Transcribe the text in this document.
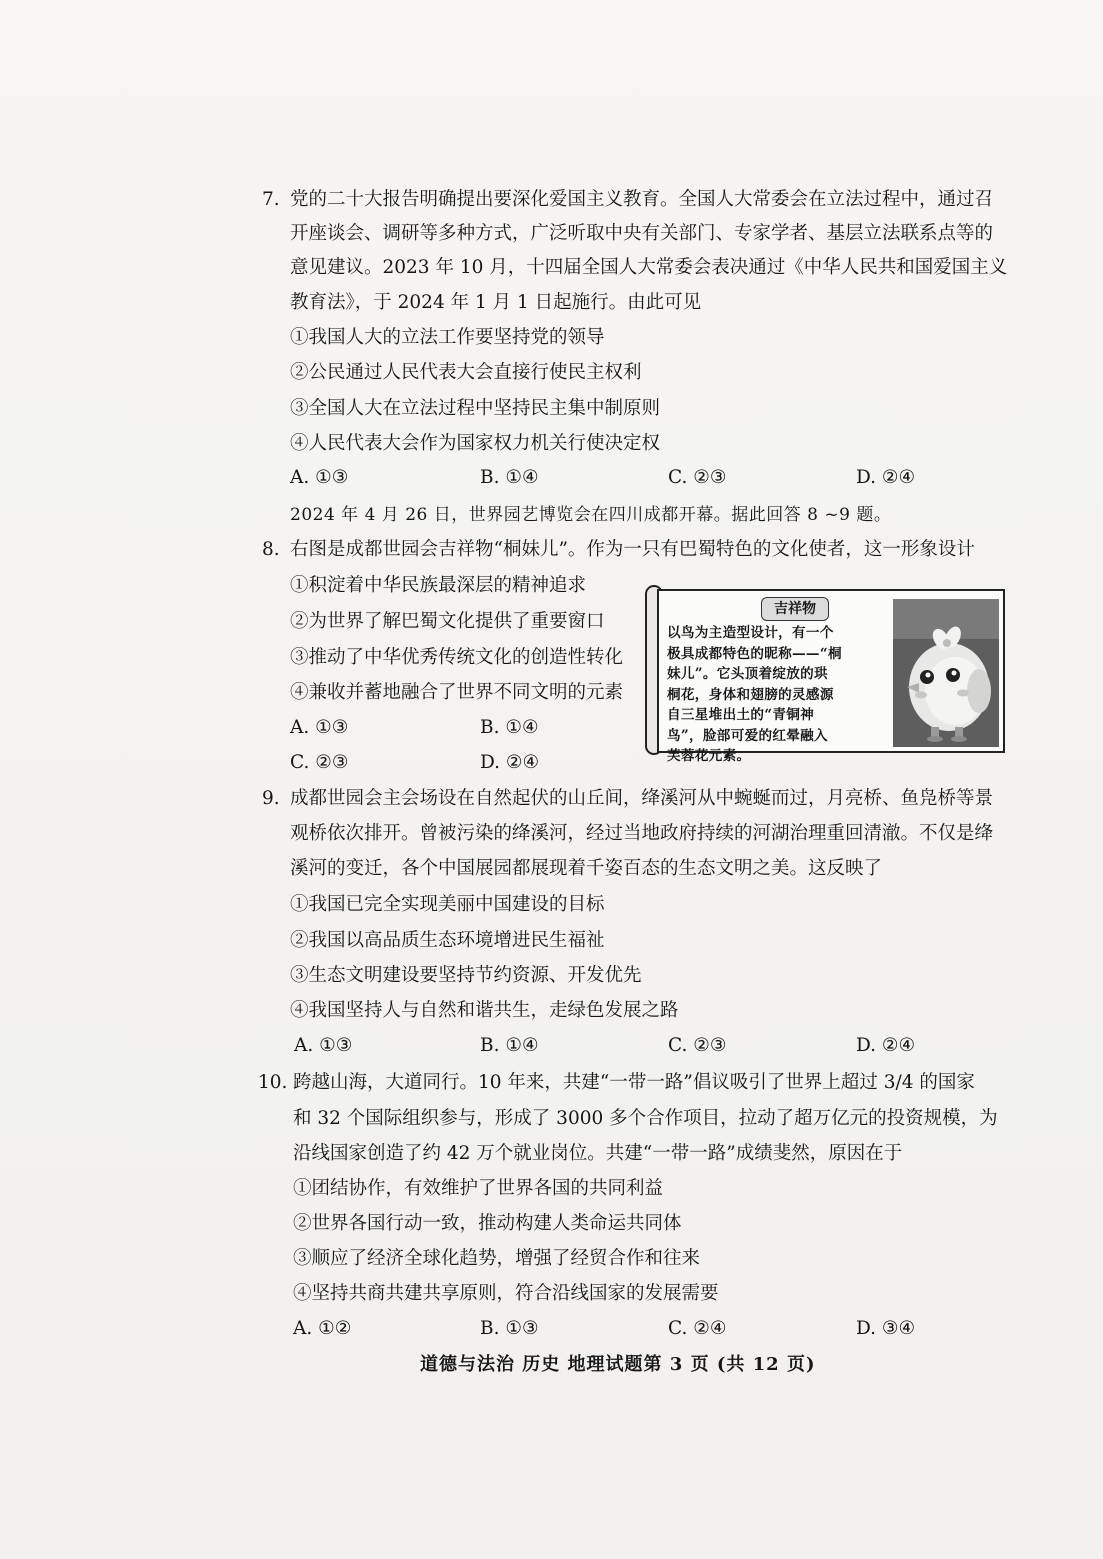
7. 党的二十大报告明确提出要深化爱国主义教育。全国人大常委会在立法过程中，通过召
开座谈会、调研等多种方式，广泛听取中央有关部门、专家学者、基层立法联系点等的
意见建议。2023 年 10 月，十四届全国人大常委会表决通过《中华人民共和国爱国主义
教育法》，于 2024 年 1 月 1 日起施行。由此可见
①我国人大的立法工作要坚持党的领导
②公民通过人民代表大会直接行使民主权利
③全国人大在立法过程中坚持民主集中制原则
④人民代表大会作为国家权力机关行使决定权
A. ①③	B. ①④	C. ②③	D. ②④
2024 年 4 月 26 日，世界园艺博览会在四川成都开幕。据此回答 8 ~9 题。
8. 右图是成都世园会吉祥物“桐妹儿”。作为一只有巴蜀特色的文化使者，这一形象设计
①积淀着中华民族最深层的精神追求
②为世界了解巴蜀文化提供了重要窗口
③推动了中华优秀传统文化的创造性转化
④兼收并蓄地融合了世界不同文明的元素
A. ①③	B. ①④
C. ②③	D. ②④
吉祥物
以鸟为主造型设计，有一个
极具成都特色的昵称——“桐
妹儿”。它头顶着绽放的珙
桐花，身体和翅膀的灵感源
自三星堆出土的“青铜神
鸟”，脸部可爱的红晕融入
芙蓉花元素。
9. 成都世园会主会场设在自然起伏的山丘间，绛溪河从中蜿蜒而过，月亮桥、鱼凫桥等景
观桥依次排开。曾被污染的绛溪河，经过当地政府持续的河湖治理重回清澈。不仅是绛
溪河的变迁，各个中国展园都展现着千姿百态的生态文明之美。这反映了
①我国已完全实现美丽中国建设的目标
②我国以高品质生态环境增进民生福祉
③生态文明建设要坚持节约资源、开发优先
④我国坚持人与自然和谐共生，走绿色发展之路
A. ①③	B. ①④	C. ②③	D. ②④
10. 跨越山海，大道同行。10 年来，共建“一带一路”倡议吸引了世界上超过 3/4 的国家
和 32 个国际组织参与，形成了 3000 多个合作项目，拉动了超万亿元的投资规模，为
沿线国家创造了约 42 万个就业岗位。共建“一带一路”成绩斐然，原因在于
①团结协作，有效维护了世界各国的共同利益
②世界各国行动一致，推动构建人类命运共同体
③顺应了经济全球化趋势，增强了经贸合作和往来
④坚持共商共建共享原则，符合沿线国家的发展需要
A. ①②	B. ①③	C. ②④	D. ③④
道德与法治 历史 地理试题第 3 页 (共 12 页)
